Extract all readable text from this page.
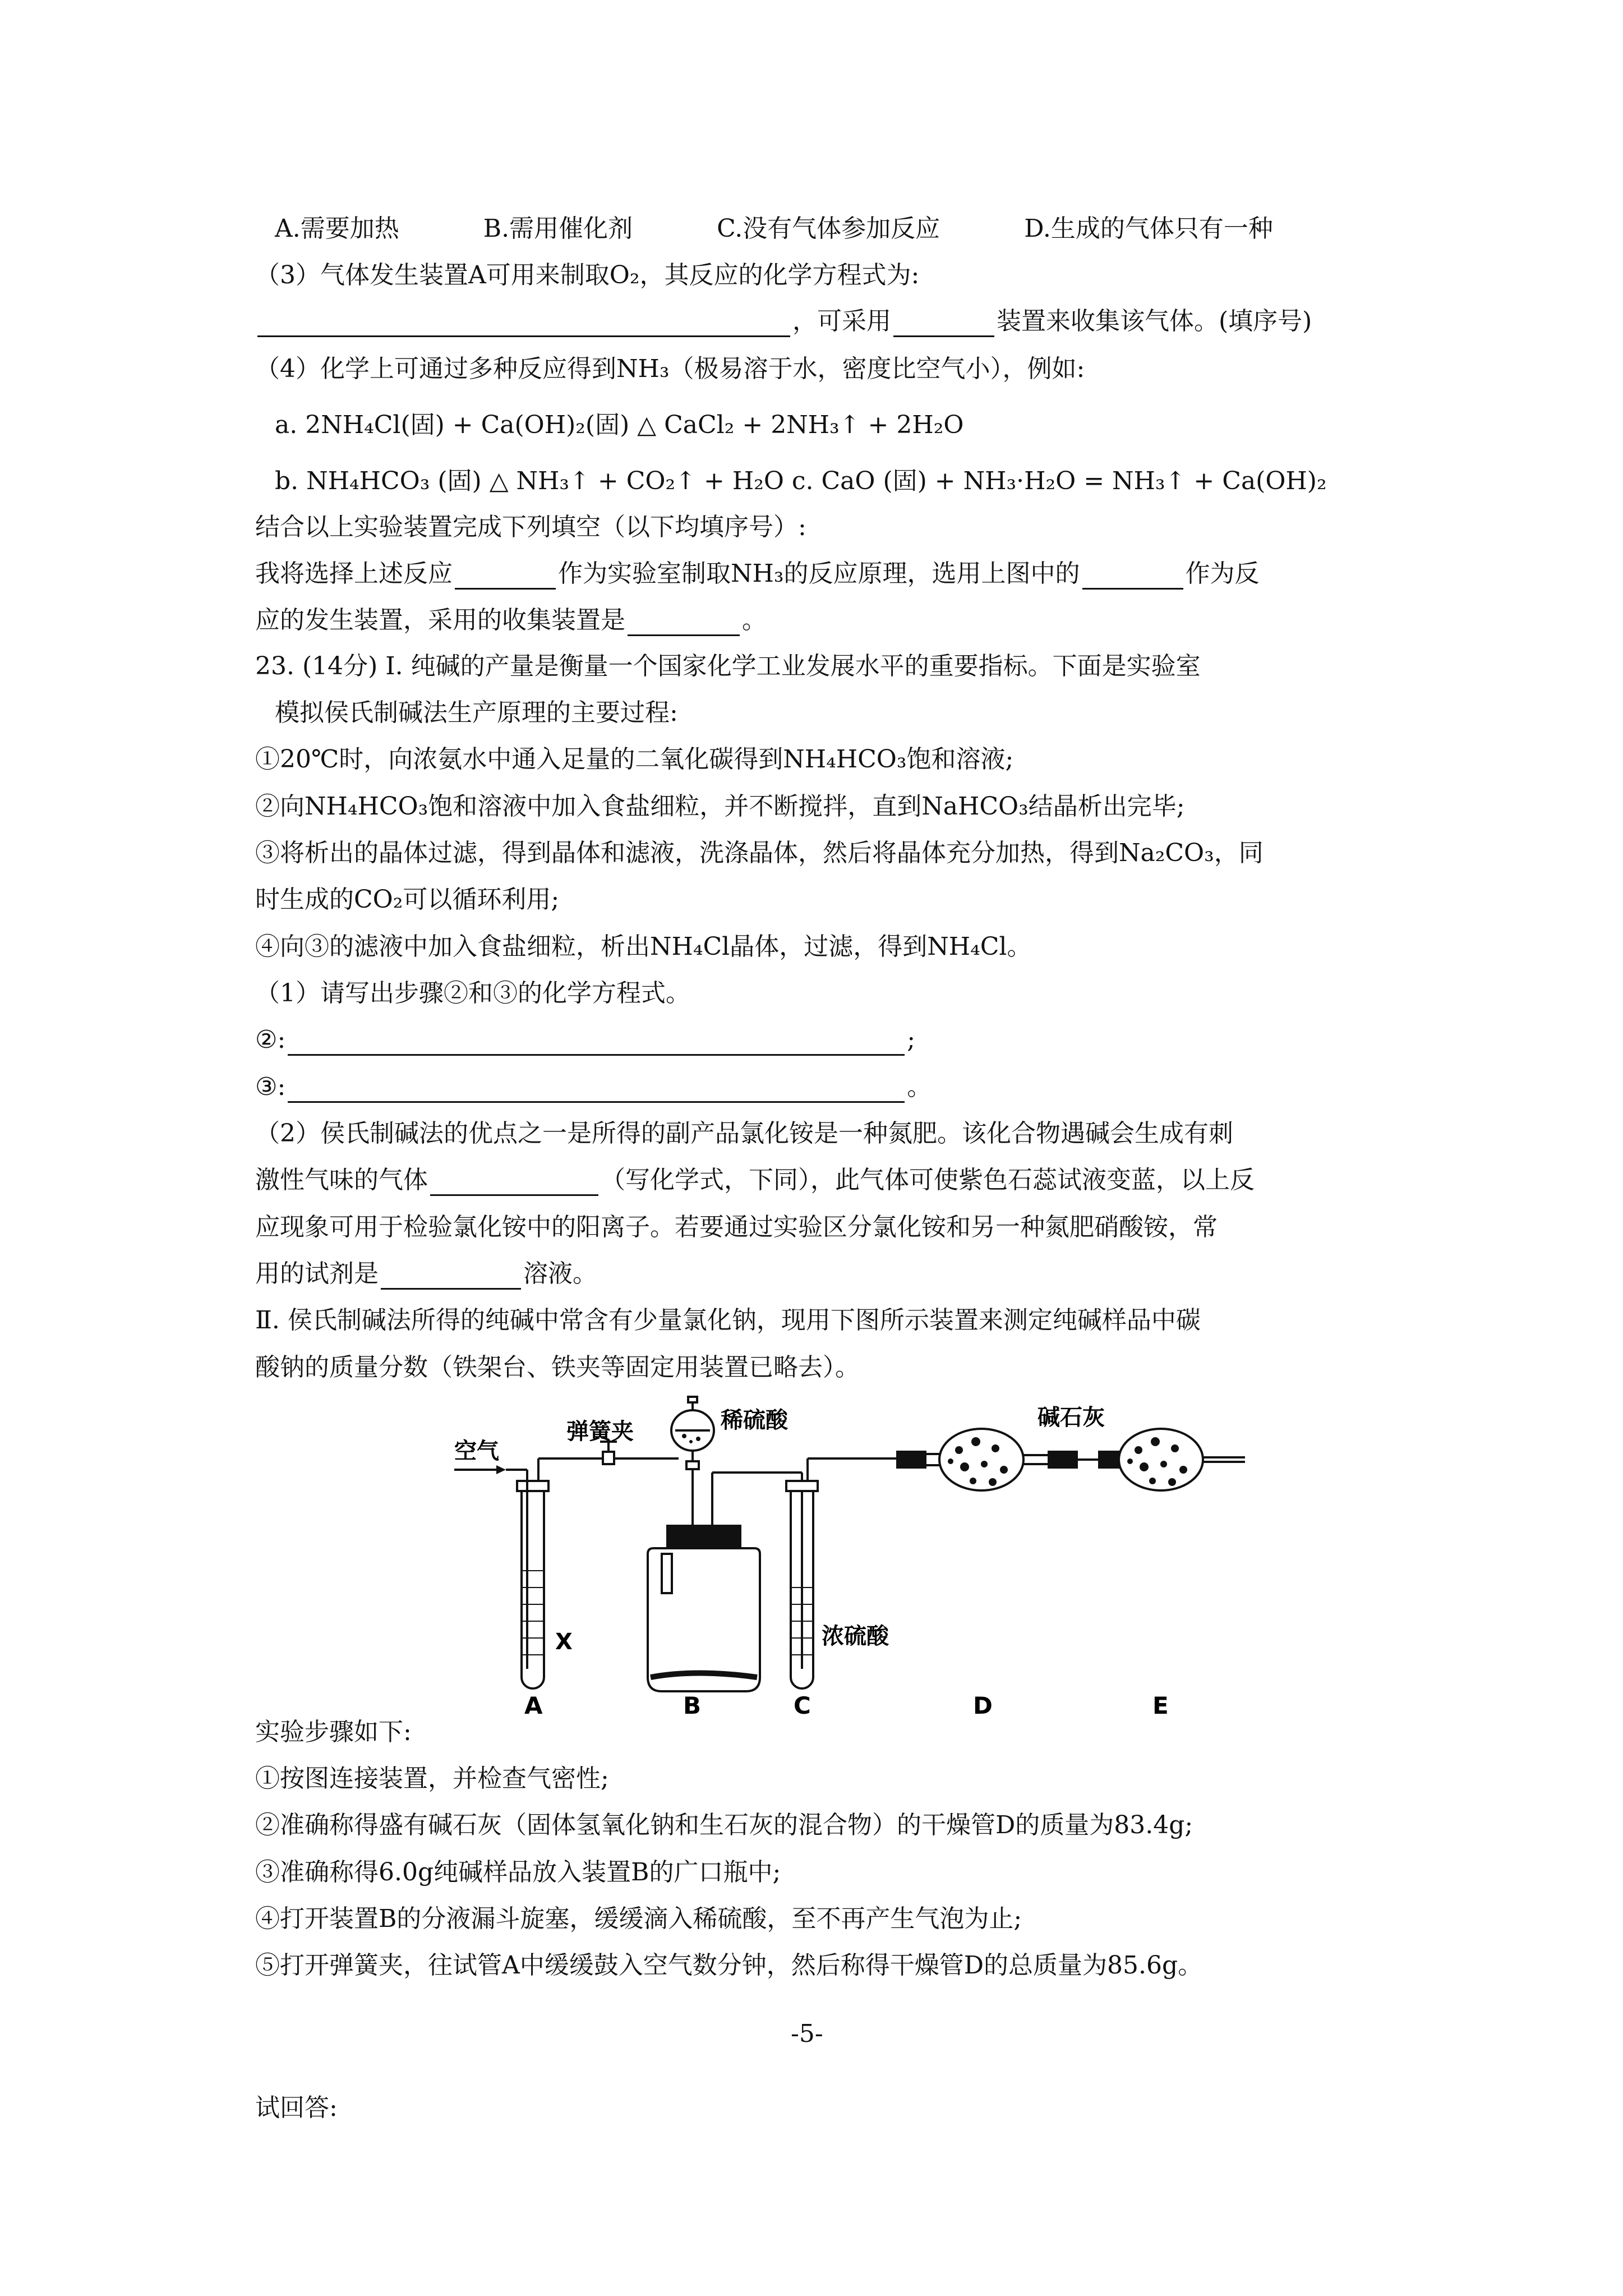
A.需要加热	B.需用催化剂	C.没有气体参加反应	D.生成的气体只有一种
（3）气体发生装置A可用来制取O₂，其反应的化学方程式为:
，可采用	装置来收集该气体。(填序号)
（4）化学上可通过多种反应得到NH₃（极易溶于水，密度比空气小），例如:
a. 2NH₄Cl(固) + Ca(OH)₂(固) △ CaCl₂ + 2NH₃↑ + 2H₂O
b. NH₄HCO₃ (固) △ NH₃↑ + CO₂↑ + H₂O c. CaO (固) + NH₃·H₂O = NH₃↑ + Ca(OH)₂
结合以上实验装置完成下列填空（以下均填序号）:
我将选择上述反应	作为实验室制取NH₃的反应原理，选用上图中的	作为反
应的发生装置，采用的收集装置是	。
23. (14分) Ⅰ. 纯碱的产量是衡量一个国家化学工业发展水平的重要指标。下面是实验室
模拟侯氏制碱法生产原理的主要过程:
①20℃时，向浓氨水中通入足量的二氧化碳得到NH₄HCO₃饱和溶液;
②向NH₄HCO₃饱和溶液中加入食盐细粒，并不断搅拌，直到NaHCO₃结晶析出完毕;
③将析出的晶体过滤，得到晶体和滤液，洗涤晶体，然后将晶体充分加热，得到Na₂CO₃，同
时生成的CO₂可以循环利用;
④向③的滤液中加入食盐细粒，析出NH₄Cl晶体，过滤，得到NH₄Cl。
（1）请写出步骤②和③的化学方程式。
②:	;
③:	。
（2）侯氏制碱法的优点之一是所得的副产品氯化铵是一种氮肥。该化合物遇碱会生成有刺
激性气味的气体	（写化学式，下同），此气体可使紫色石蕊试液变蓝，以上反
应现象可用于检验氯化铵中的阳离子。若要通过实验区分氯化铵和另一种氮肥硝酸铵，常
用的试剂是	溶液。
Ⅱ. 侯氏制碱法所得的纯碱中常含有少量氯化钠，现用下图所示装置来测定纯碱样品中碳
酸钠的质量分数（铁架台、铁夹等固定用装置已略去）。
空气
弹簧夹	稀硫酸	碱石灰
X	浓硫酸
A	B	C	D	E
实验步骤如下:
①按图连接装置，并检查气密性;
②准确称得盛有碱石灰（固体氢氧化钠和生石灰的混合物）的干燥管D的质量为83.4g;
③准确称得6.0g纯碱样品放入装置B的广口瓶中;
④打开装置B的分液漏斗旋塞，缓缓滴入稀硫酸，至不再产生气泡为止;
⑤打开弹簧夹，往试管A中缓缓鼓入空气数分钟，然后称得干燥管D的总质量为85.6g。
-5-
试回答:
